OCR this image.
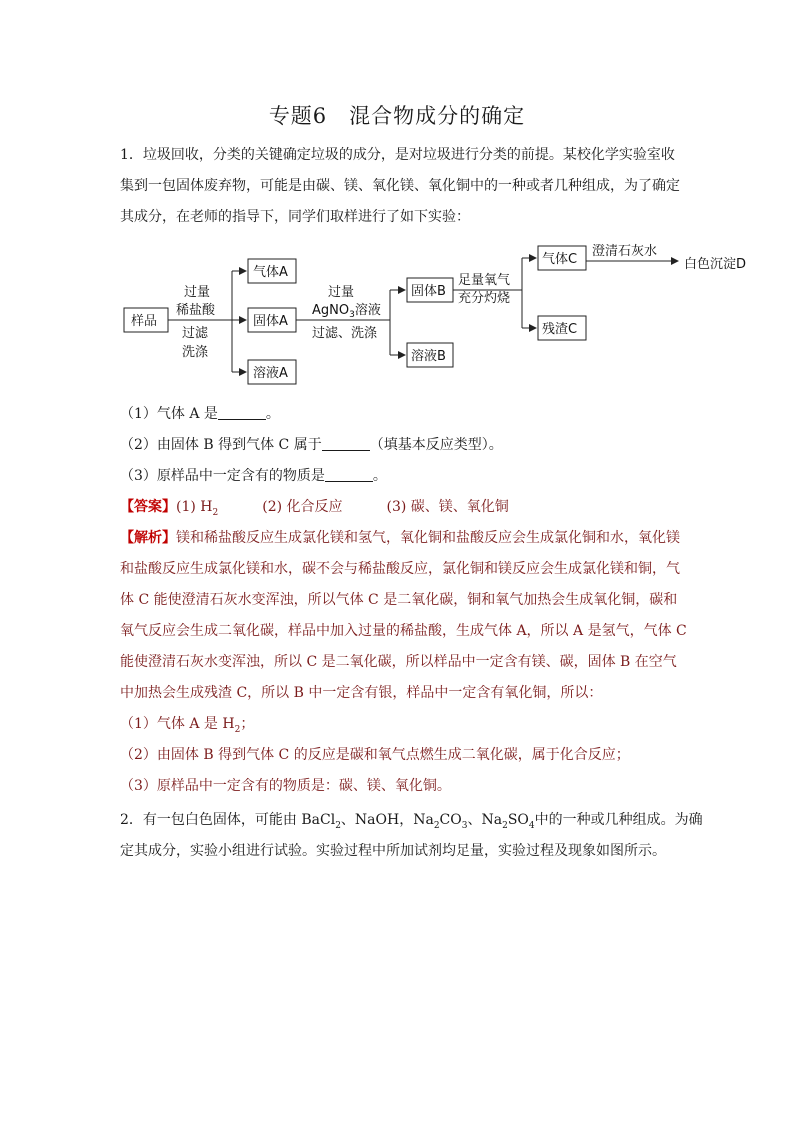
专题6　混合物成分的确定
1．垃圾回收，分类的关键确定垃圾的成分，是对垃圾进行分类的前提。某校化学实验室收
集到一包固体废弃物，可能是由碳、镁、氧化镁、氧化铜中的一种或者几种组成，为了确定
其成分，在老师的指导下，同学们取样进行了如下实验：
样品
气体A
固体A
溶液A
固体B
溶液B
气体C
残渣C
白色沉淀D
过量
稀盐酸
过滤
洗涤
过量
AgNO$_3$溶液
过滤、洗涤
足量氧气
充分灼烧
澄清石灰水
（1）气体 A 是	。
（2）由固体 B 得到气体 C 属于	（填基本反应类型）。
（3）原样品中一定含有的物质是	。
【答案】(1) $H_2$	(2) 化合反应	(3) 碳、镁、氧化铜
【解析】镁和稀盐酸反应生成氯化镁和氢气，氧化铜和盐酸反应会生成氯化铜和水，氧化镁
和盐酸反应生成氯化镁和水，碳不会与稀盐酸反应，氯化铜和镁反应会生成氯化镁和铜，气
体 C 能使澄清石灰水变浑浊，所以气体 C 是二氧化碳，铜和氧气加热会生成氧化铜，碳和
氧气反应会生成二氧化碳，样品中加入过量的稀盐酸，生成气体 A，所以 A 是氢气，气体 C
能使澄清石灰水变浑浊，所以 C 是二氧化碳，所以样品中一定含有镁、碳，固体 B 在空气
中加热会生成残渣 C，所以 B 中一定含有银，样品中一定含有氧化铜，所以：
（1）气体 A 是 $H_2$；
（2）由固体 B 得到气体 C 的反应是碳和氧气点燃生成二氧化碳，属于化合反应；
（3）原样品中一定含有的物质是：碳、镁、氧化铜。
2．有一包白色固体，可能由 BaCl$_2$、NaOH，$Na_2CO_3$、$Na_2SO_4$中的一种或几种组成。为确
定其成分，实验小组进行试验。实验过程中所加试剂均足量，实验过程及现象如图所示。
